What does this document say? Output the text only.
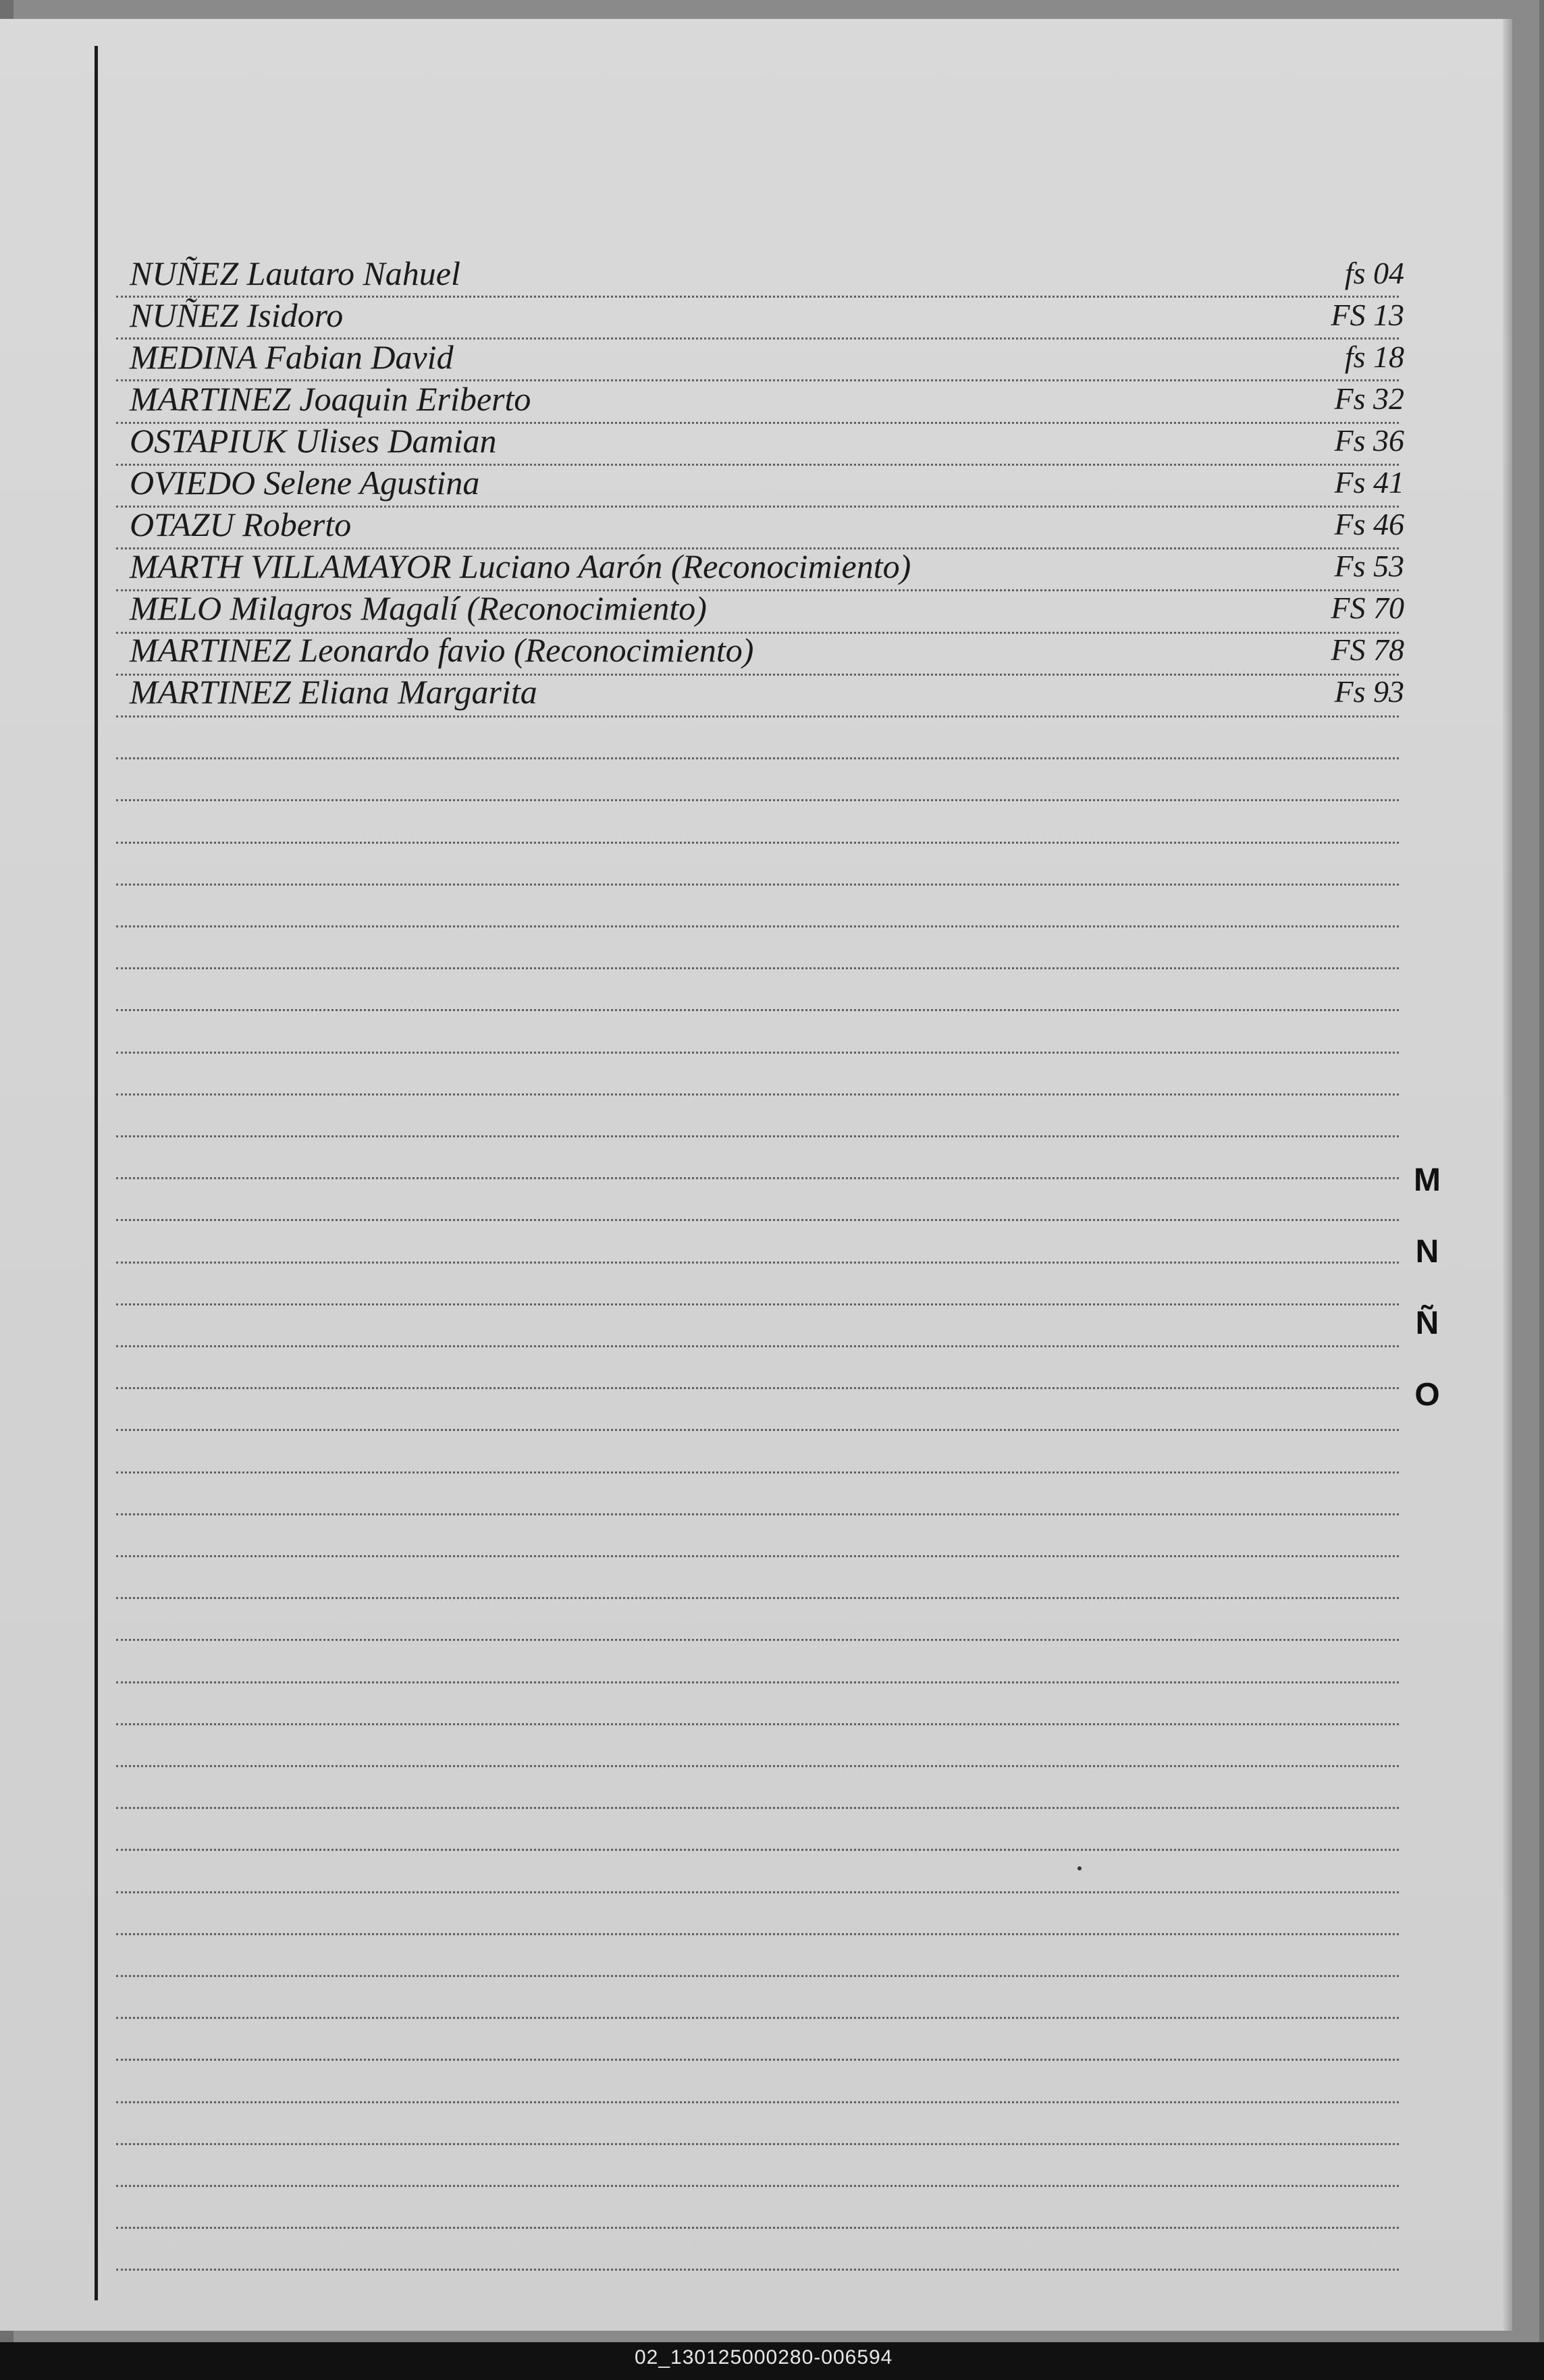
NUÑEZ Lautaro Nahuel	fs 04
NUÑEZ Isidoro	FS 13
MEDINA Fabian David	fs 18
MARTINEZ Joaquin Eriberto	Fs 32
OSTAPIUK Ulises Damian	Fs 36
OVIEDO Selene Agustina	Fs 41
OTAZU Roberto	Fs 46
MARTH VILLAMAYOR Luciano Aarón (Reconocimiento)	Fs 53
MELO Milagros Magalí (Reconocimiento)	FS 70
MARTINEZ Leonardo favio (Reconocimiento)	FS 78
MARTINEZ Eliana Margarita	Fs 93
M
N
Ñ
O
02_130125000280-006594
